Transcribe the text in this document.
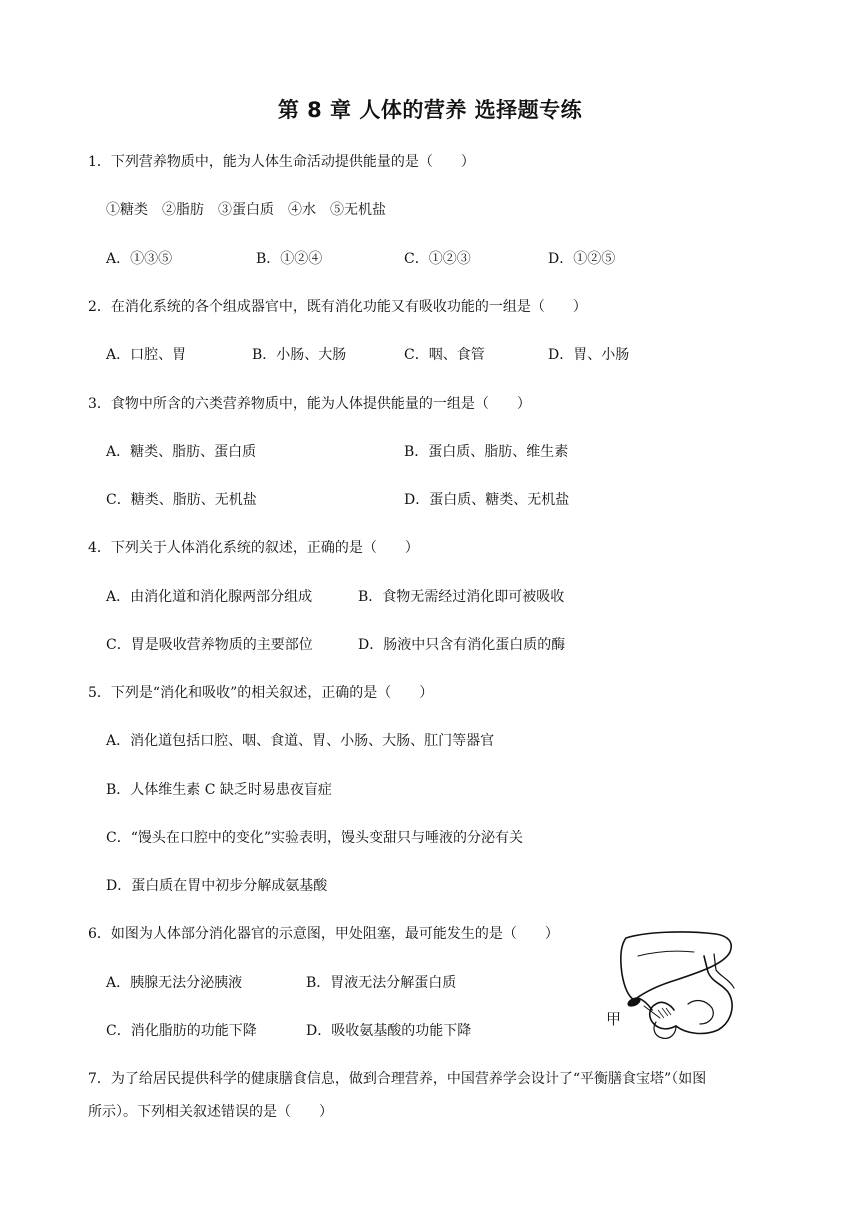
第 8 章 人体的营养 选择题专练
1．下列营养物质中，能为人体生命活动提供能量的是（　　）
①糖类　②脂肪　③蛋白质　④水　⑤无机盐
A．①③⑤	B．①②④	C．①②③	D．①②⑤
2．在消化系统的各个组成器官中，既有消化功能又有吸收功能的一组是（　　）
A．口腔、胃	B．小肠、大肠	C．咽、食管	D．胃、小肠
3．食物中所含的六类营养物质中，能为人体提供能量的一组是（　　）
A．糖类、脂肪、蛋白质	B．蛋白质、脂肪、维生素
C．糖类、脂肪、无机盐	D．蛋白质、糖类、无机盐
4．下列关于人体消化系统的叙述，正确的是（　　）
A．由消化道和消化腺两部分组成	B．食物无需经过消化即可被吸收
C．胃是吸收营养物质的主要部位	D．肠液中只含有消化蛋白质的酶
5．下列是“消化和吸收”的相关叙述，正确的是（　　）
A．消化道包括口腔、咽、食道、胃、小肠、大肠、肛门等器官
B．人体维生素 C 缺乏时易患夜盲症
C．“馒头在口腔中的变化”实验表明，馒头变甜只与唾液的分泌有关
D．蛋白质在胃中初步分解成氨基酸
6．如图为人体部分消化器官的示意图，甲处阻塞，最可能发生的是（　　）
A．胰腺无法分泌胰液	B．胃液无法分解蛋白质
C．消化脂肪的功能下降	D．吸收氨基酸的功能下降
甲
7．为了给居民提供科学的健康膳食信息，做到合理营养，中国营养学会设计了“平衡膳食宝塔”（如图
所示）。下列相关叙述错误的是（　　）
